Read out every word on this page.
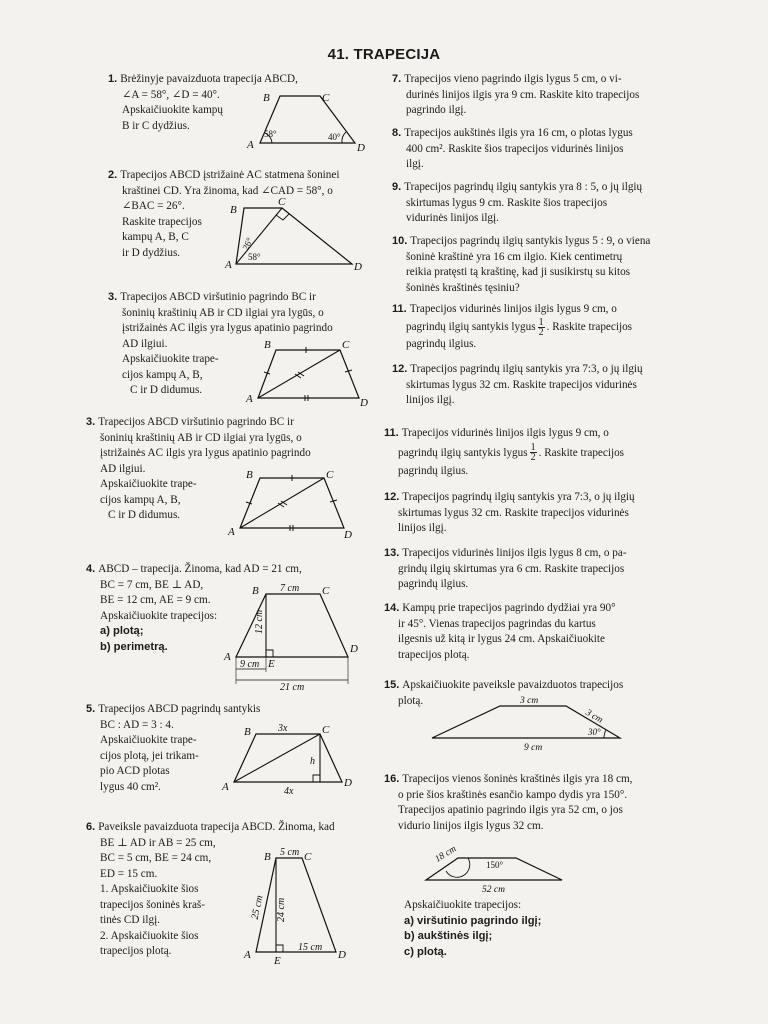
41. TRAPECIJA
1. Brėžinyje pavaizduota trapecija ABCD,
∠A = 58°, ∠D = 40°.
Apskaičiuokite kampų
B ir C dydžius.
B	C
A	D
58°	40°
2. Trapecijos ABCD įstrižainė AC statmena šoninei
kraštinei CD. Yra žinoma, kad ∠CAD = 58°, o
∠BAC = 26°.
Raskite trapecijos
kampų A, B, C
ir D dydžius.
B
C
A	D
26°
58°
3. Trapecijos ABCD viršutinio pagrindo BC ir
šoninių kraštinių AB ir CD ilgiai yra lygūs, o
įstrižainės AC ilgis yra lygus apatinio pagrindo
AD ilgiui.
Apskaičiuokite trape-
cijos kampų A, B,
C ir D didumus.
B	C
A	D
3. Trapecijos ABCD viršutinio pagrindo BC ir
šoninių kraštinių AB ir CD ilgiai yra lygūs, o
įstrižainės AC ilgis yra lygus apatinio pagrindo
AD ilgiui.
Apskaičiuokite trape-
cijos kampų A, B,
C ir D didumus.
B	C
A	D
4. ABCD – trapecija. Žinoma, kad AD = 21 cm,
BC = 7 cm, BE ⊥ AD,
BE = 12 cm, AE = 9 cm.
Apskaičiuokite trapecijos:
a) plotą;
b) perimetrą.
B	C
A
D
E
7 cm
12 cm
9 cm
21 cm
5. Trapecijos ABCD pagrindų santykis
BC : AD = 3 : 4.
Apskaičiuokite trape-
cijos plotą, jei trikam-
pio ACD plotas
lygus 40 cm².
B	C
A	D
3x
h
4x
6. Paveiksle pavaizduota trapecija ABCD. Žinoma, kad
BE ⊥ AD ir AB = 25 cm,
BC = 5 cm, BE = 24 cm,
ED = 15 cm.
1. Apskaičiuokite šios
trapecijos šoninės kraš-
tinės CD ilgį.
2. Apskaičiuokite šios
trapecijos plotą.
B	C
A	D
E
5 cm
25 cm 24 cm
15 cm
7. Trapecijos vieno pagrindo ilgis lygus 5 cm, o vi-
durinės linijos ilgis yra 9 cm. Raskite kito trapecijos
pagrindo ilgį.
8. Trapecijos aukštinės ilgis yra 16 cm, o plotas lygus
400 cm². Raskite šios trapecijos vidurinės linijos
ilgį.
9. Trapecijos pagrindų ilgių santykis yra 8 : 5, o jų ilgių
skirtumas lygus 9 cm. Raskite šios trapecijos
vidurinės linijos ilgį.
10. Trapecijos pagrindų ilgių santykis lygus 5 : 9, o viena
šoninė kraštinė yra 16 cm ilgio. Kiek centimetrų
reikia pratęsti tą kraštinę, kad ji susikirstų su kitos
šoninės kraštinės tęsiniu?
11. Trapecijos vidurinės linijos ilgis lygus 9 cm, o
pagrindų ilgių santykis lygus $\frac{1}{2}$ . Raskite trapecijos
pagrindų ilgius.
12. Trapecijos pagrindų ilgių santykis yra 7:3, o jų ilgių
skirtumas lygus 32 cm. Raskite trapecijos vidurinės
linijos ilgį.
11. Trapecijos vidurinės linijos ilgis lygus 9 cm, o
pagrindų ilgių santykis lygus $\frac{1}{2}$ . Raskite trapecijos
pagrindų ilgius.
12. Trapecijos pagrindų ilgių santykis yra 7:3, o jų ilgių
skirtumas lygus 32 cm. Raskite trapecijos vidurinės
linijos ilgį.
13. Trapecijos vidurinės linijos ilgis lygus 8 cm, o pa-
grindų ilgių skirtumas yra 6 cm. Raskite trapecijos
pagrindų ilgius.
14. Kampų prie trapecijos pagrindo dydžiai yra 90°
ir 45°. Vienas trapecijos pagrindas du kartus
ilgesnis už kitą ir lygus 24 cm. Apskaičiuokite
trapecijos plotą.
15. Apskaičiuokite paveiksle pavaizduotos trapecijos
plotą.	3 cm
3 cm
30°
9 cm
16. Trapecijos vienos šoninės kraštinės ilgis yra 18 cm,
o prie šios kraštinės esančio kampo dydis yra 150°.
Trapecijos apatinio pagrindo ilgis yra 52 cm, o jos
vidurio linijos ilgis lygus 32 cm.
18 cm
150°
52 cm
Apskaičiuokite trapecijos:
a) viršutinio pagrindo ilgį;
b) aukštinės ilgį;
c) plotą.
